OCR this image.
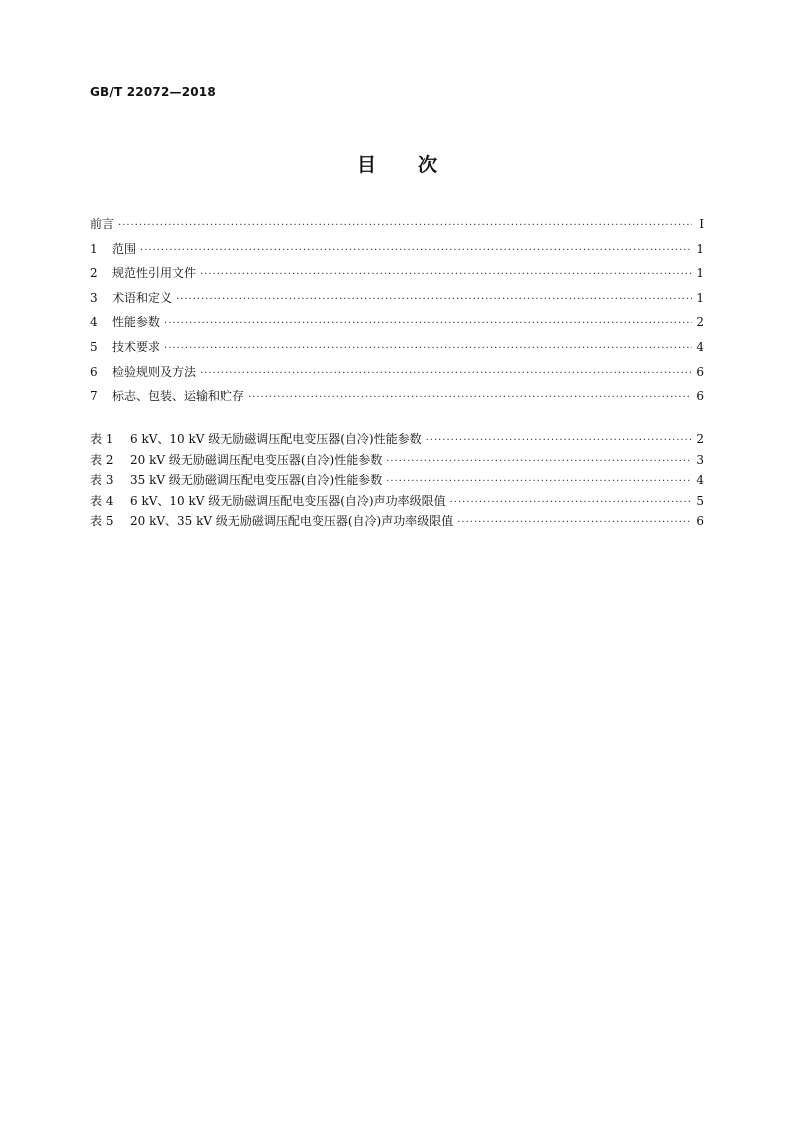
GB/T 22072—2018
目 次
前言 ·····	Ⅰ
1	范围 ·····	1
2	规范性引用文件 ·····	1
3	术语和定义 ·····	1
4	性能参数 ·····	2
5	技术要求 ·····	4
6	检验规则及方法 ·····	6
7	标志、包装、运输和贮存 ·····	6
表 1	6 kV、10 kV 级无励磁调压配电变压器(自冷)性能参数 ·····	2
表 2	20 kV 级无励磁调压配电变压器(自冷)性能参数 ·····	3
表 3	35 kV 级无励磁调压配电变压器(自冷)性能参数 ·····	4
表 4	6 kV、10 kV 级无励磁调压配电变压器(自冷)声功率级限值 ·····	5
表 5	20 kV、35 kV 级无励磁调压配电变压器(自冷)声功率级限值 ·····	6
